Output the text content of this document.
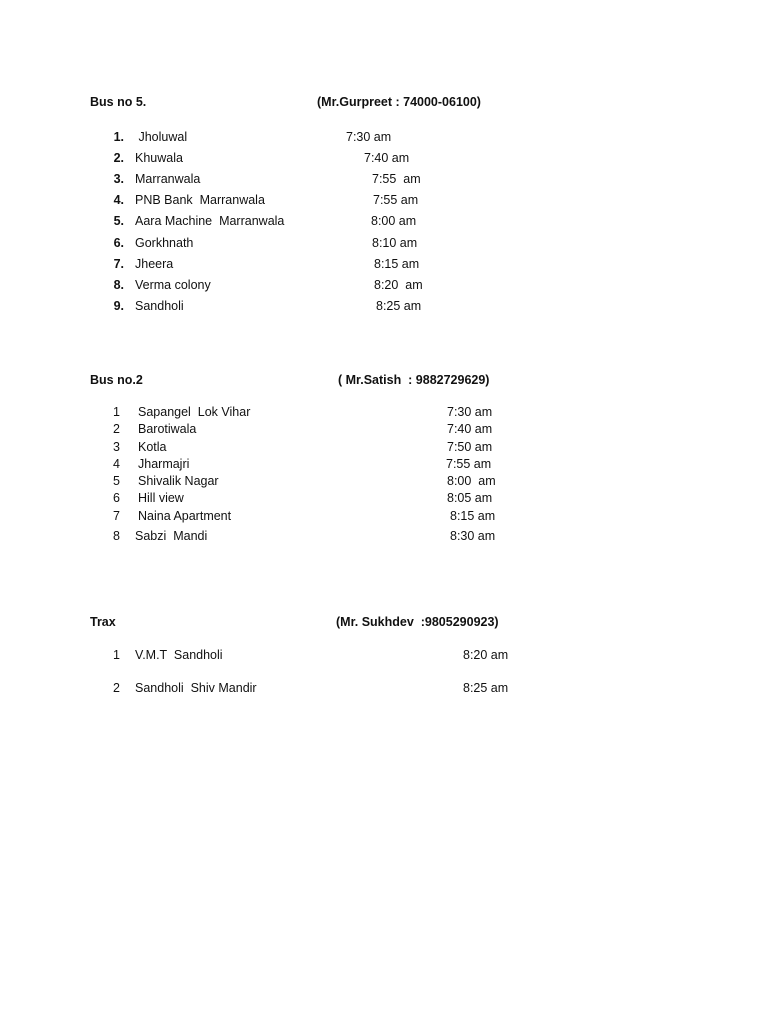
Bus no 5.	(Mr.Gurpreet : 74000-06100)
1. Jholuwal	7:30 am
2. Khuwala	7:40 am
3. Marranwala	7:55  am
4. PNB Bank  Marranwala	7:55 am
5. Aara Machine  Marranwala	8:00 am
6. Gorkhnath	8:10 am
7. Jheera	8:15 am
8. Verma colony	8:20  am
9. Sandholi	8:25 am
Bus no.2	( Mr.Satish  : 9882729629)
1 Sapangel  Lok Vihar	7:30 am
2 Barotiwala	7:40 am
3 Kotla	7:50 am
4 Jharmajri	7:55 am
5 Shivalik Nagar	8:00  am
6 Hill view	8:05 am
7 Naina Apartment	8:15 am
8 Sabzi  Mandi	8:30 am
Trax	(Mr. Sukhdev  :9805290923)
1 V.M.T  Sandholi	8:20 am
2 Sandholi  Shiv Mandir	8:25 am
